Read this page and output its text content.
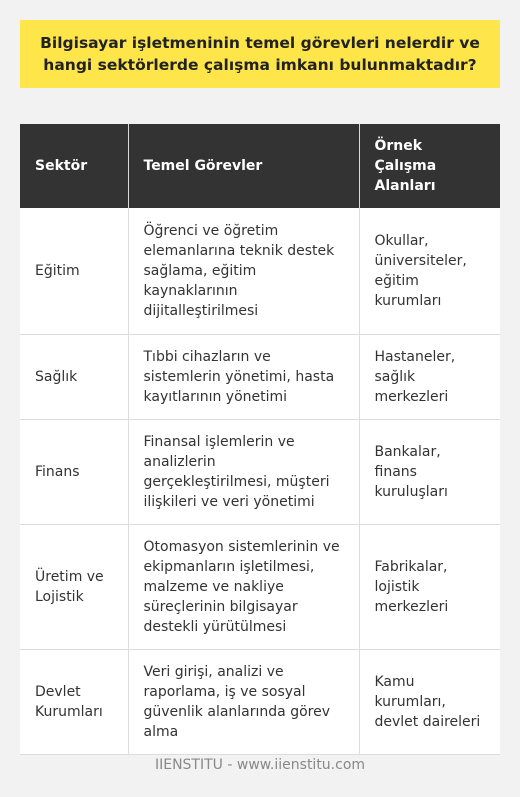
Bilgisayar işletmeninin temel görevleri nelerdir ve hangi sektörlerde çalışma imkanı bulunmaktadır?
Sektör	Temel Görevler	Örnek Çalışma Alanları
Eğitim	Öğrenci ve öğretim elemanlarına teknik destek sağlama, eğitim kaynaklarının dijitalleştirilmesi	Okullar, üniversiteler, eğitim kurumları
Sağlık	Tıbbi cihazların ve sistemlerin yönetimi, hasta kayıtlarının yönetimi	Hastaneler, sağlık merkezleri
Finans	Finansal işlemlerin ve analizlerin gerçekleştirilmesi, müşteri ilişkileri ve veri yönetimi	Bankalar, finans kuruluşları
Üretim ve Lojistik	Otomasyon sistemlerinin ve ekipmanların işletilmesi, malzeme ve nakliye süreçlerinin bilgisayar destekli yürütülmesi	Fabrikalar, lojistik merkezleri
Devlet Kurumları	Veri girişi, analizi ve raporlama, iş ve sosyal güvenlik alanlarında görev alma	Kamu kurumları, devlet daireleri
IIENSTITU - www.iienstitu.com
